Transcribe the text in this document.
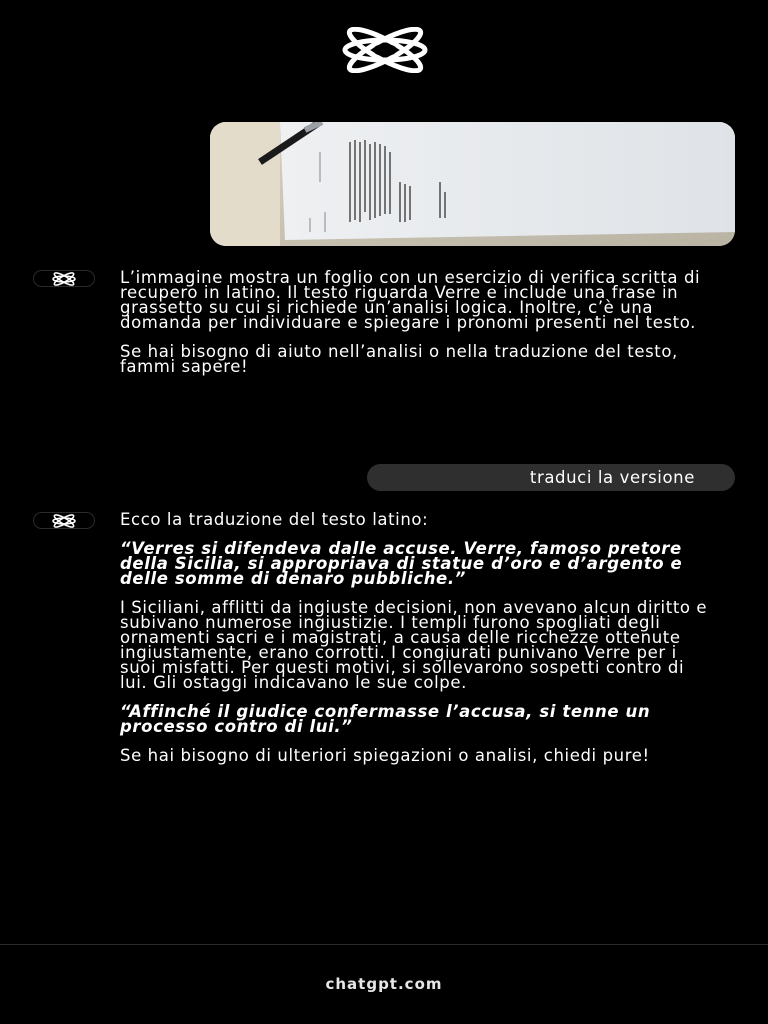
L’immagine mostra un foglio con un esercizio di verifica scritta di recupero in latino. Il testo riguarda Verre e include una frase in grassetto su cui si richiede un’analisi logica. Inoltre, c’è una domanda per individuare e spiegare i pronomi presenti nel testo.

Se hai bisogno di aiuto nell’analisi o nella traduzione del testo, fammi sapere!

traduci la versione

Ecco la traduzione del testo latino:

“Verres si difendeva dalle accuse. Verre, famoso pretore della Sicilia, si appropriava di statue d’oro e d’argento e delle somme di denaro pubbliche.”

I Siciliani, afflitti da ingiuste decisioni, non avevano alcun diritto e subivano numerose ingiustizie. I templi furono spogliati degli ornamenti sacri e i magistrati, a causa delle ricchezze ottenute ingiustamente, erano corrotti. I congiurati punivano Verre per i suoi misfatti. Per questi motivi, si sollevarono sospetti contro di lui. Gli ostaggi indicavano le sue colpe.

“Affinché il giudice confermasse l’accusa, si tenne un processo contro di lui.”

Se hai bisogno di ulteriori spiegazioni o analisi, chiedi pure!

chatgpt.com
